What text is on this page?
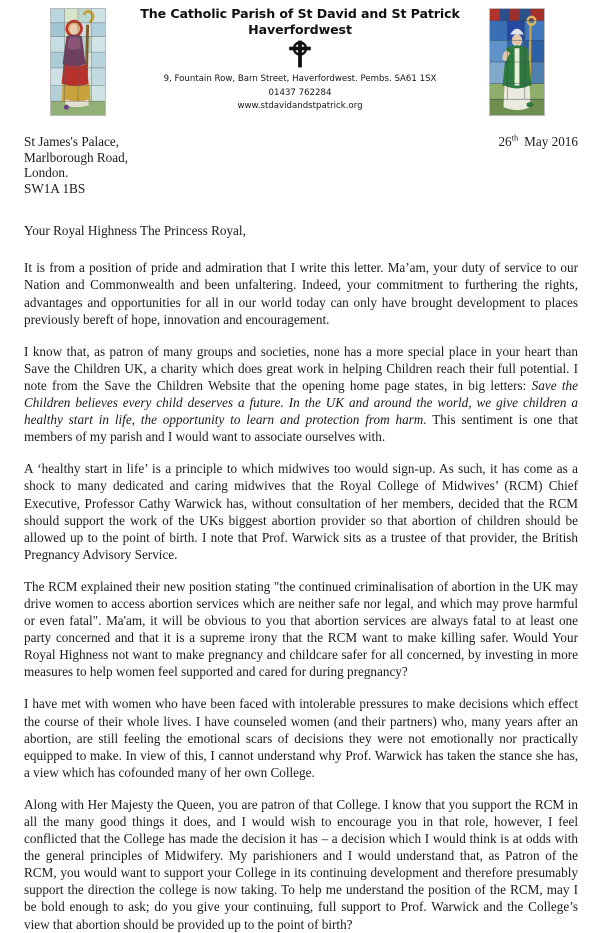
The Catholic Parish of St David and St Patrick
Haverfordwest
9, Fountain Row, Barn Street, Haverfordwest. Pembs. SA61 1SX
01437 762284
www.stdavidandstpatrick.org
St James's Palace,
Marlborough Road,
London.
SW1A 1BS
26th May 2016
Your Royal Highness The Princess Royal,

It is from a position of pride and admiration that I write this letter. Ma’am, your duty of service to our Nation and Commonwealth and been unfaltering. Indeed, your commitment to furthering the rights, advantages and opportunities for all in our world today can only have brought development to places previously bereft of hope, innovation and encouragement.

I know that, as patron of many groups and societies, none has a more special place in your heart than Save the Children UK, a charity which does great work in helping Children reach their full potential. I note from the Save the Children Website that the opening home page states, in big letters: Save the Children believes every child deserves a future. In the UK and around the world, we give children a healthy start in life, the opportunity to learn and protection from harm. This sentiment is one that members of my parish and I would want to associate ourselves with.

A ‘healthy start in life’ is a principle to which midwives too would sign-up. As such, it has come as a shock to many dedicated and caring midwives that the Royal College of Midwives’ (RCM) Chief Executive, Professor Cathy Warwick has, without consultation of her members, decided that the RCM should support the work of the UKs biggest abortion provider so that abortion of children should be allowed up to the point of birth. I note that Prof. Warwick sits as a trustee of that provider, the British Pregnancy Advisory Service.

The RCM explained their new position stating "the continued criminalisation of abortion in the UK may drive women to access abortion services which are neither safe nor legal, and which may prove harmful or even fatal". Ma'am, it will be obvious to you that abortion services are always fatal to at least one party concerned and that it is a supreme irony that the RCM want to make killing safer. Would Your Royal Highness not want to make pregnancy and childcare safer for all concerned, by investing in more measures to help women feel supported and cared for during pregnancy?

I have met with women who have been faced with intolerable pressures to make decisions which effect the course of their whole lives. I have counseled women (and their partners) who, many years after an abortion, are still feeling the emotional scars of decisions they were not emotionally nor practically equipped to make. In view of this, I cannot understand why Prof. Warwick has taken the stance she has, a view which has cofounded many of her own College.

Along with Her Majesty the Queen, you are patron of that College. I know that you support the RCM in all the many good things it does, and I would wish to encourage you in that role, however, I feel conflicted that the College has made the decision it has – a decision which I would think is at odds with the general principles of Midwifery. My parishioners and I would understand that, as Patron of the RCM, you would want to support your College in its continuing development and therefore presumably support the direction the college is now taking. To help me understand the position of the RCM, may I be bold enough to ask; do you give your continuing, full support to Prof. Warwick and the College’s view that abortion should be provided up to the point of birth?
